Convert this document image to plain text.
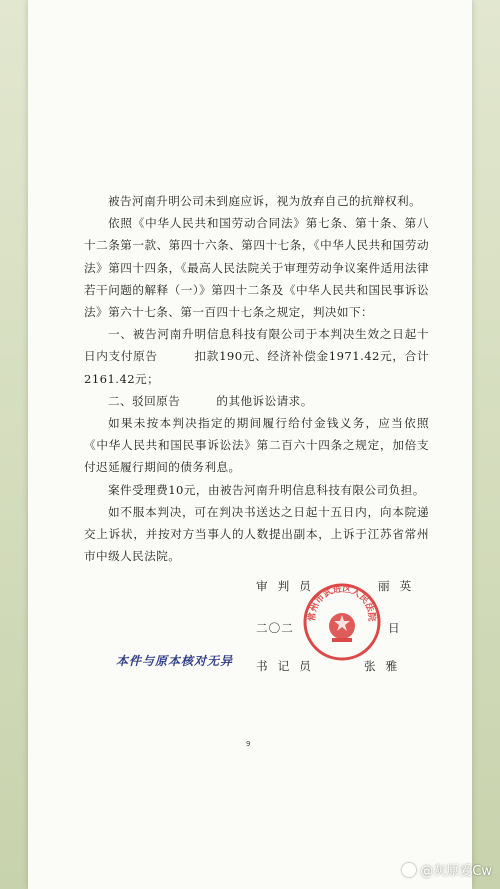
被告河南升明公司未到庭应诉，视为放弃自己的抗辩权利。

依照《中华人民共和国劳动合同法》第七条、第十条、第八十二条第一款、第四十六条、第四十七条，《中华人民共和国劳动法》第四十四条，《最高人民法院关于审理劳动争议案件适用法律若干问题的解释（一）》第四十二条及《中华人民共和国民事诉讼法》第六十七条、第一百四十七条之规定，判决如下：

一、被告河南升明信息科技有限公司于本判决生效之日起十日内支付原告　　　扣款190元、经济补偿金1971.42元，合计2161.42元；

二、驳回原告　　　的其他诉讼请求。

如果未按本判决指定的期间履行给付金钱义务，应当依照《中华人民共和国民事诉讼法》第二百六十四条之规定，加倍支付迟延履行期间的债务利息。

案件受理费10元，由被告河南升明信息科技有限公司负担。

如不服本判决，可在判决书送达之日起十五日内，向本院递交上诉状，并按对方当事人的人数提出副本，上诉于江苏省常州市中级人民法院。

审判员	丽英
二〇二	日
书记员	张雅
常州市武进区人民法院
本件与原本核对无异
9
@灰原爱Cw
